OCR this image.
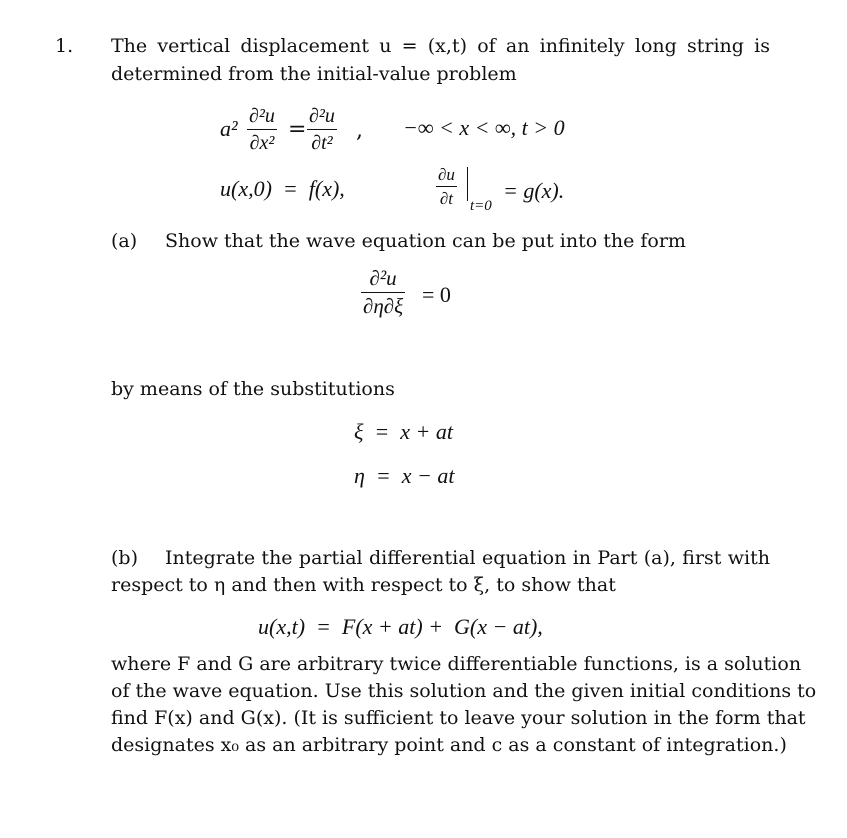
1. The vertical displacement u = (x,t) of an infinitely long string is
determined from the initial-value problem
a² ∂²u
∂x²
=
∂²u
∂t² , −∞ < x < ∞, t > 0
u(x,0)  =  f(x),
∂u
∂t t=0
= g(x).
(a) Show that the wave equation can be put into the form
∂²u
∂η∂ξ = 0
by means of the substitutions
ξ  =  x + at
η  =  x − at
(b) Integrate the partial differential equation in Part (a), first with
respect to η and then with respect to ξ, to show that
u(x,t)  =  F(x + at) +  G(x − at),
where F and G are arbitrary twice differentiable functions, is a solution
of the wave equation. Use this solution and the given initial conditions to
find F(x) and G(x). (It is sufficient to leave your solution in the form that
designates x₀ as an arbitrary point and c as a constant of integration.)
